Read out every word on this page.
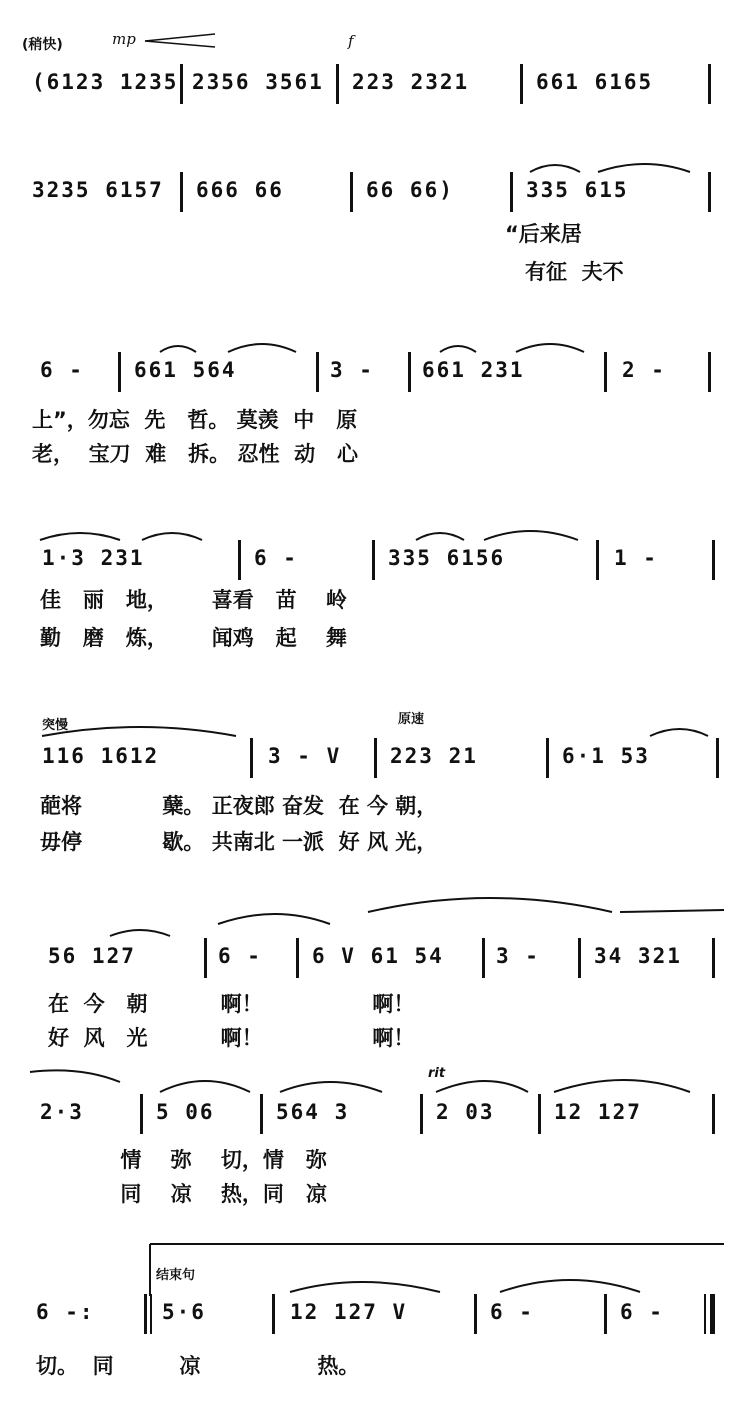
(稍快)	mp	f
(6123 1235 2356 3561 223 2321	661 6165
3235 6157 666 66	66 66)	335 615
“后来居
有征  夫不
6 - 661 564	3 - 661 231	2 -
上”，勿忘  先   哲。 莫羡  中   原
老，  宝刀  难   拆。 忍性  动   心
1·3 231	6 -	335 6156	1 -
佳   丽   地，      喜看   苗    岭
勤   磨   炼，      闻鸡   起    舞
突慢	原速
116 1612	3 - V 223 21	6·1 53
葩将           蘖。 正夜郎 奋发  在 今 朝，
毋停           歇。 共南北 一派  好 风 光，
56 127	6 - 6 V 61 54 3 -	34 321
在  今   朝          啊！               啊！
好  风   光          啊！               啊！
rit
2·3	5 06	564 3	2 03	12 127
情    弥    切，情   弥
同    凉    热，同   凉
结束句
6 -:	5·6	12 127 V	6 -	6 -
切。  同         凉                热。
